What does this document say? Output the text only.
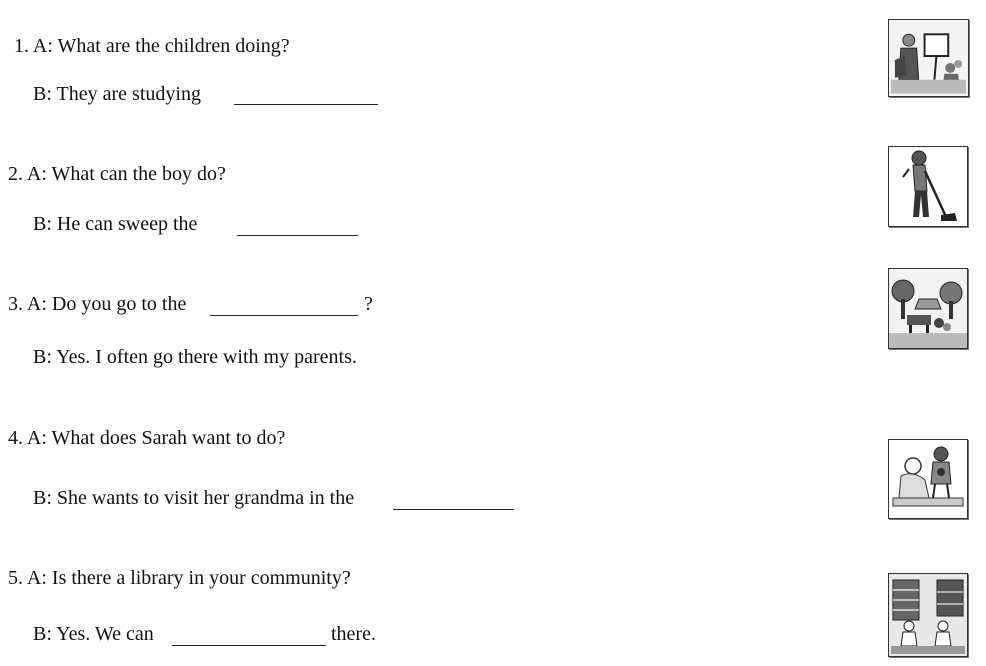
1. A: What are the children doing?
B: They are studying
2. A: What can the boy do?
B: He can sweep the
3. A: Do you go to the	?
B: Yes. I often go there with my parents.
4. A: What does Sarah want to do?
B: She wants to visit her grandma in the
5. A: Is there a library in your community?
B: Yes. We can	there.
